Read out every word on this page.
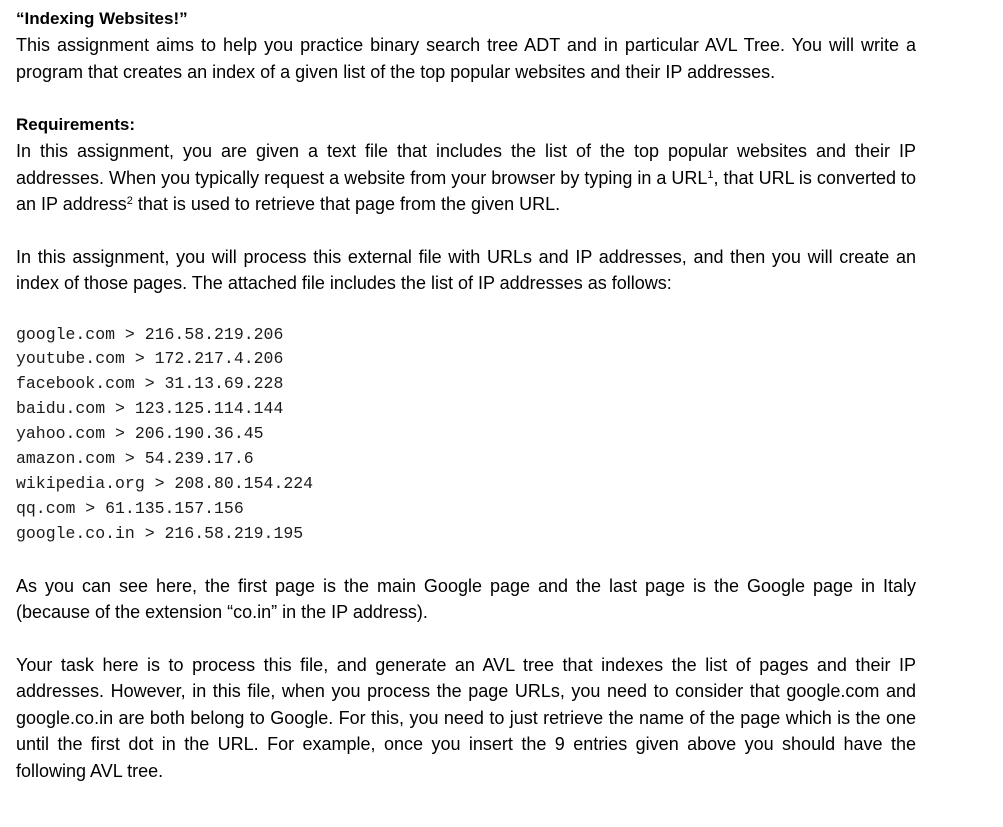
“Indexing Websites!”

This assignment aims to help you practice binary search tree ADT and in particular AVL Tree. You will write a program that creates an index of a given list of the top popular websites and their IP addresses.

Requirements:

In this assignment, you are given a text file that includes the list of the top popular websites and their IP addresses. When you typically request a website from your browser by typing in a URL$^1$, that URL is converted to an IP address$^2$ that is used to retrieve that page from the given URL.

In this assignment, you will process this external file with URLs and IP addresses, and then you will create an index of those pages. The attached file includes the list of IP addresses as follows:

google.com > 216.58.219.206
youtube.com > 172.217.4.206
facebook.com > 31.13.69.228
baidu.com > 123.125.114.144
yahoo.com > 206.190.36.45
amazon.com > 54.239.17.6
wikipedia.org > 208.80.154.224
qq.com > 61.135.157.156
google.co.in > 216.58.219.195

As you can see here, the first page is the main Google page and the last page is the Google page in Italy (because of the extension “co.in” in the IP address).

Your task here is to process this file, and generate an AVL tree that indexes the list of pages and their IP addresses. However, in this file, when you process the page URLs, you need to consider that google.com and google.co.in are both belong to Google. For this, you need to just retrieve the name of the page which is the one until the first dot in the URL. For example, once you insert the 9 entries given above you should have the following AVL tree.
